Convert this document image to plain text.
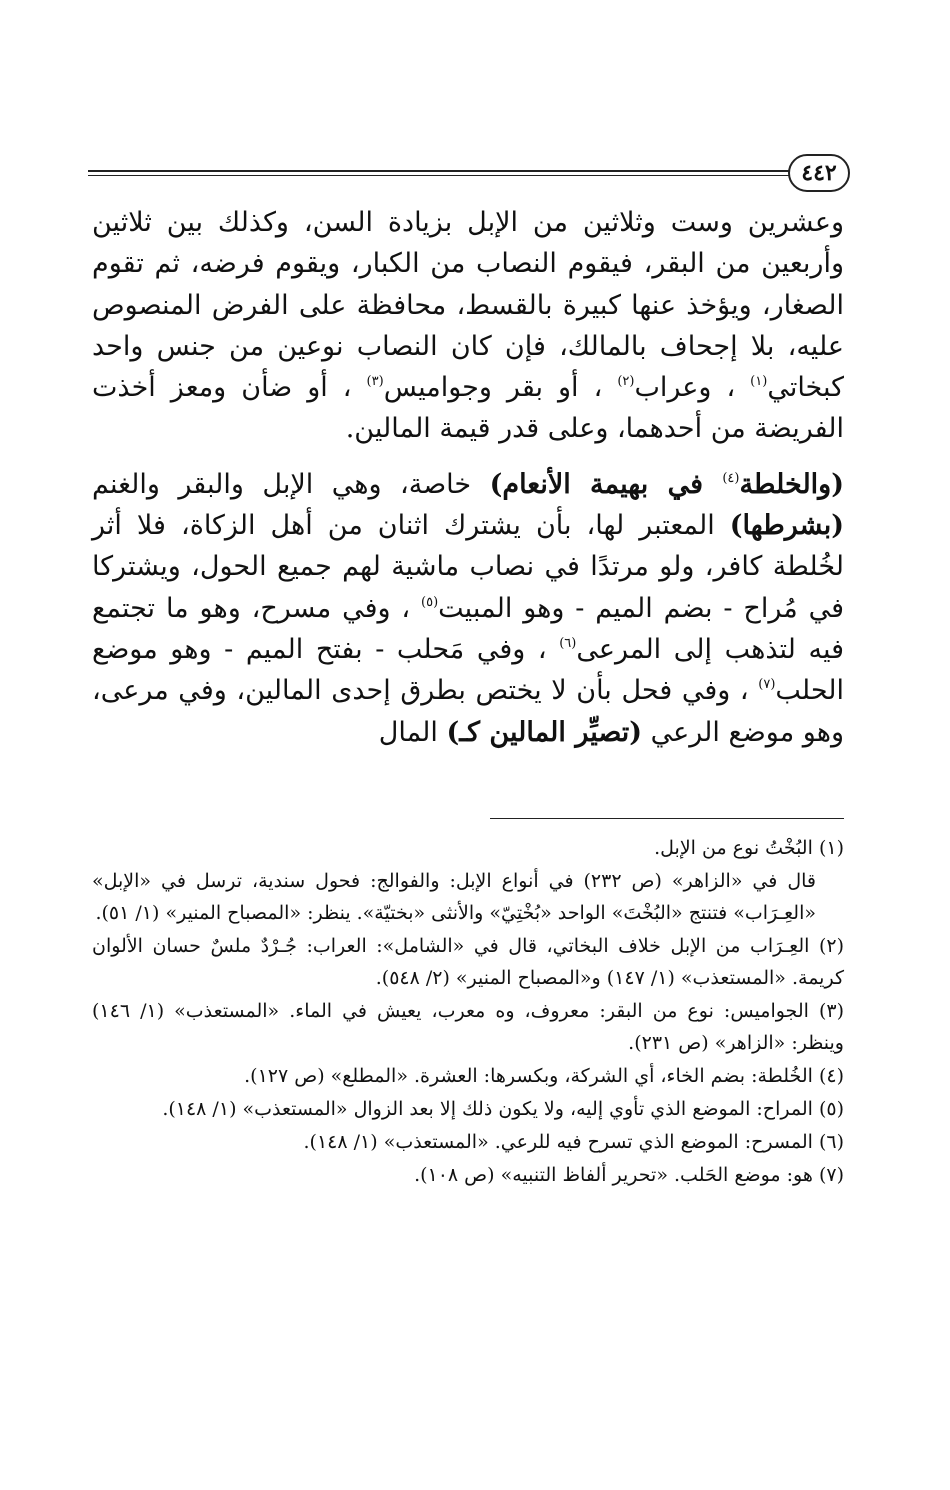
٤٤٢

وعشرين وست وثلاثين من الإبل بزيادة السن، وكذلك بين ثلاثين وأربعين من البقر، فيقوم النصاب من الكبار، ويقوم فرضه، ثم تقوم الصغار، ويؤخذ عنها كبيرة بالقسط، محافظة على الفرض المنصوص عليه، بلا إجحاف بالمالك، فإن كان النصاب نوعين من جنس واحد كبخاتي$^{(١)}$ ، وعراب$^{(٢)}$ ، أو بقر وجواميس$^{(٣)}$ ، أو ضأن ومعز أخذت الفريضة من أحدهما، وعلى قدر قيمة المالين.

(والخلطة$^{(٤)}$ في بهيمة الأنعام) خاصة، وهي الإبل والبقر والغنم (بشرطها) المعتبر لها، بأن يشترك اثنان من أهل الزكاة، فلا أثر لخُلطة كافر، ولو مرتدًا في نصاب ماشية لهم جميع الحول، ويشتركا في مُراح - بضم الميم - وهو المبيت$^{(٥)}$ ، وفي مسرح، وهو ما تجتمع فيه لتذهب إلى المرعى$^{(٦)}$ ، وفي مَحلب - بفتح الميم - وهو موضع الحلب$^{(٧)}$ ، وفي فحل بأن لا يختص بطرق إحدى المالين، وفي مرعى، وهو موضع الرعي (تصيِّر المالين كـ) المال

(١) البُخْتُ نوع من الإبل.
قال في «الزاهر» (ص ٢٣٢) في أنواع الإبل: والفوالج: فحول سندية، ترسل في «الإبل» «العِـرَاب» فتنتج «البُخْتَ» الواحد «بُخْتِيّ» والأنثى «بختيّة». ينظر: «المصباح المنير» (١/ ٥١).
(٢) العِـرَاب من الإبل خلاف البخاتي، قال في «الشامل»: العراب: جُـرْدٌ ملسٌ حسان الألوان كريمة. «المستعذب» (١/ ١٤٧) و«المصباح المنير» (٢/ ٥٤٨).
(٣) الجواميس: نوع من البقر: معروف، وه معرب، يعيش في الماء. «المستعذب» (١/ ١٤٦) وينظر: «الزاهر» (ص ٢٣١).
(٤) الخُلطة: بضم الخاء، أي الشركة، وبكسرها: العشرة. «المطلع» (ص ١٢٧).
(٥) المراح: الموضع الذي تأوي إليه، ولا يكون ذلك إلا بعد الزوال «المستعذب» (١/ ١٤٨).
(٦) المسرح: الموضع الذي تسرح فيه للرعي. «المستعذب» (١/ ١٤٨).
(٧) هو: موضع الحَلب. «تحرير ألفاظ التنبيه» (ص ١٠٨).
